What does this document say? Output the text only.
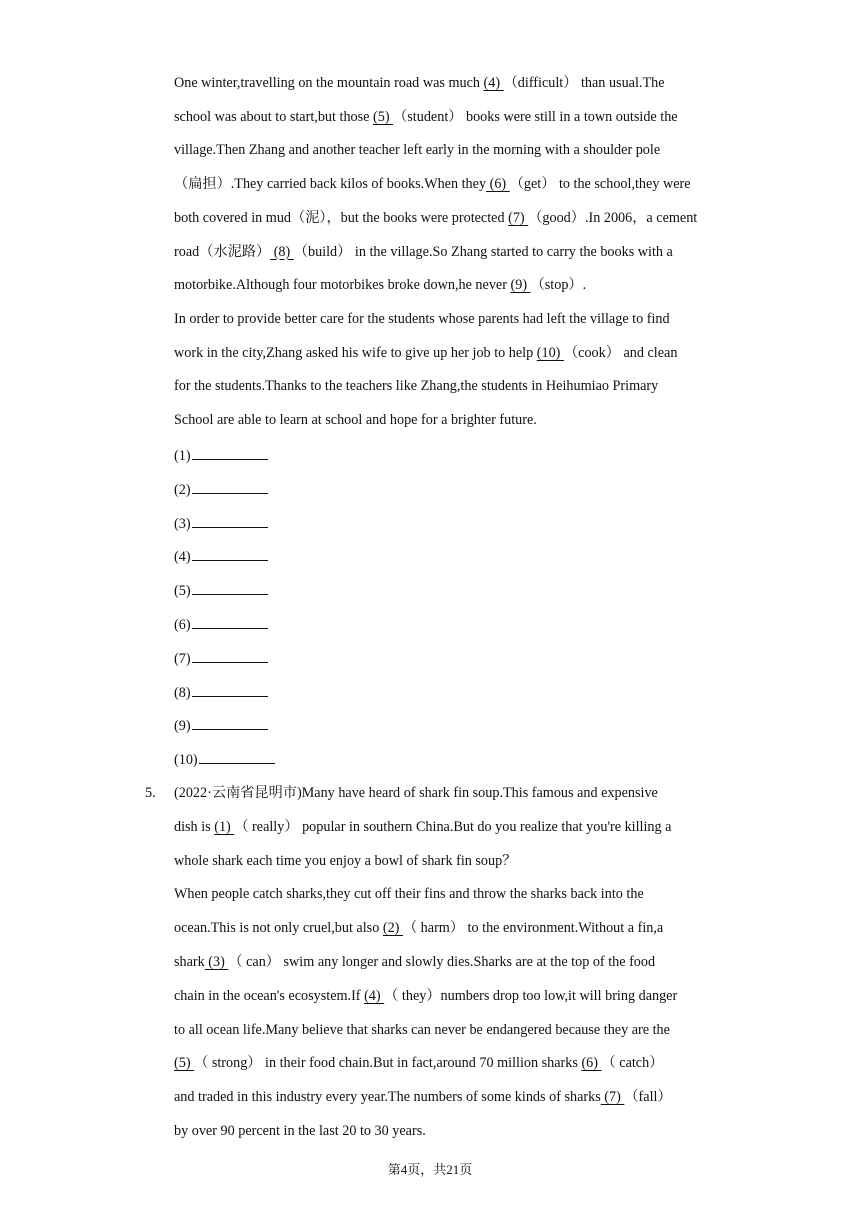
One winter,travelling on the mountain road was much (4) （difficult） than usual.The
school was about to start,but those (5) （student） books were still in a town outside the
village.Then Zhang and another teacher left early in the morning with a shoulder pole
（扁担）.They carried back kilos of books.When they (6) （get） to the school,they were
both covered in mud（泥），but the books were protected (7) （good）.In 2006，a cement
road（水泥路） (8) （build） in the village.So Zhang started to carry the books with a
motorbike.Although four motorbikes broke down,he never (9) （stop）.
In order to provide better care for the students whose parents had left the village to find
work in the city,Zhang asked his wife to give up her job to help (10) （cook） and clean
for the students.Thanks to the teachers like Zhang,the students in Heihumiao Primary
School are able to learn at school and hope for a brighter future.
(1)
(2)
(3)
(4)
(5)
(6)
(7)
(8)
(9)
(10)
5. (2022·云南省昆明市)Many have heard of shark fin soup.This famous and expensive
dish is (1) （ really） popular in southern China.But do you realize that you're killing a
whole shark each time you enjoy a bowl of shark fin soup？
When people catch sharks,they cut off their fins and throw the sharks back into the
ocean.This is not only cruel,but also (2) （ harm） to the environment.Without a fin,a
shark (3) （ can） swim any longer and slowly dies.Sharks are at the top of the food
chain in the ocean's ecosystem.If (4) （ they）numbers drop too low,it will bring danger
to all ocean life.Many believe that sharks can never be endangered because they are the
(5) （ strong） in their food chain.But in fact,around 70 million sharks (6) （ catch）
and traded in this industry every year.The numbers of some kinds of sharks (7) （fall）
by over 90 percent in the last 20 to 30 years.
第4页，共21页
